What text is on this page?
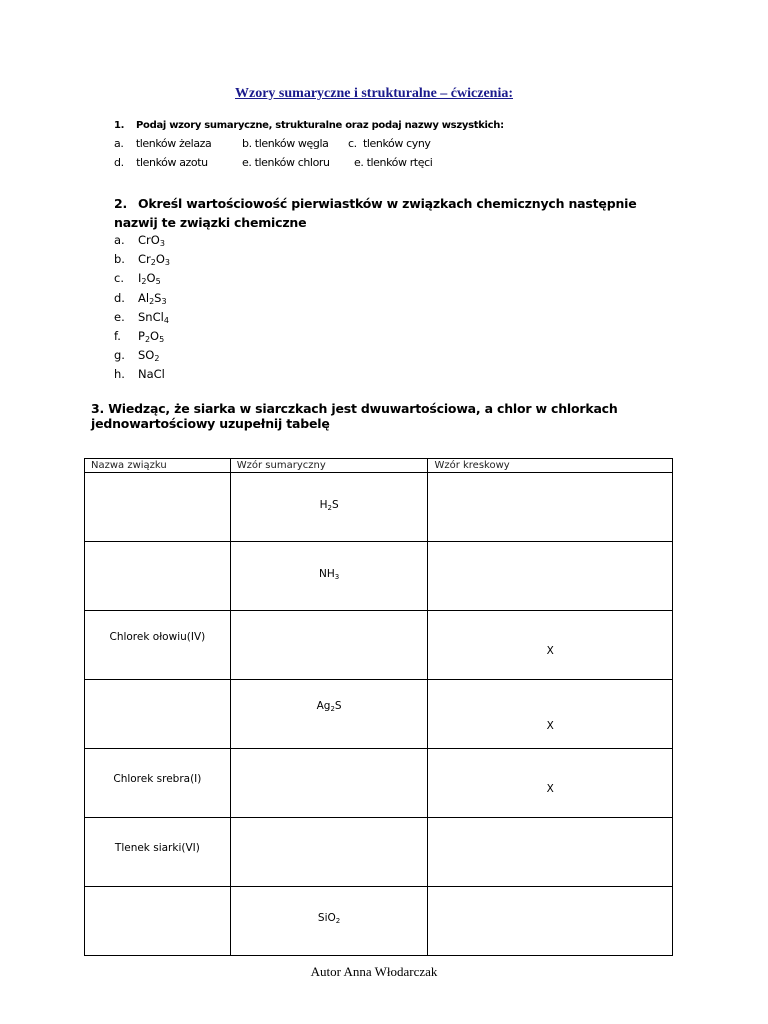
Wzory sumaryczne i strukturalne – ćwiczenia:
1. Podaj wzory sumaryczne, strukturalne oraz podaj nazwy wszystkich:
a. tlenków żelaza	b. tlenków węgla c. tlenków cyny
d. tlenków azotu	e. tlenków chloru e. tlenków rtęci
2. Określ wartościowość pierwiastków w związkach chemicznych następnie nazwij te związki chemiczne
a. CrO$_3$
b. $Cr_2O_3$
c. $I_2O_5$
d. $Al_2S_3$
e. SnCl$_4$
f. $P_2O_5$
g. $SO_2$
h. NaCl
3. Wiedząc, że siarka w siarczkach jest dwuwartościowa, a chlor w chlorkach jednowartościowy uzupełnij tabelę
Nazwa związku	Wzór sumaryczny	Wzór kreskowy

	$H_2S$	

	$NH_3$

Chlorek ołowiu(IV)		X

	$Ag_2S$	X

Chlorek srebra(I)		X

Tlenek siarki(VI)		

	SiO$_2$

Autor Anna Włodarczak
